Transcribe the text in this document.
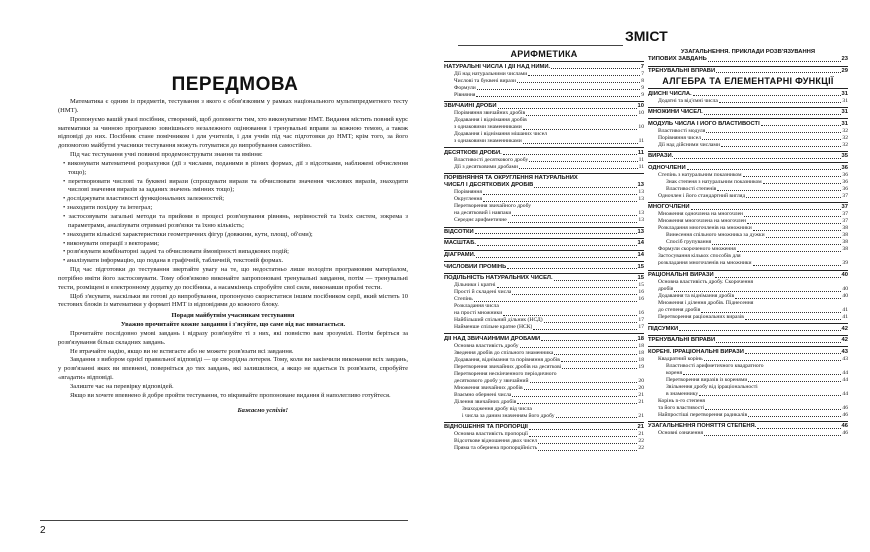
ПЕРЕДМОВА

Математика є одним із предметів, тестування з якого є обов'язковим у рамках національного мультипредметного тесту (НМТ).

Пропонуємо вашій увазі посібник, створений, щоб допомогти тим, хто виконуватиме НМТ. Видання містить повний курс математики за чинною програмою зовнішнього незалежного оцінювання і тренувальні вправи за кожною темою, а також відповіді до них. Посібник стане помічником і для учителів, і для учнів під час підготовки до НМТ; крім того, за його допомогою майбутні учасники тестування можуть готуватися до випробування самостійно.

Під час тестування учні повинні продемонструвати знання та вміння:

• виконувати математичні розрахунки (дії з числами, поданими в різних формах, дії з відсотками, наближені обчислення тощо);

• перетворювати числові та буквені вирази (спрощувати вирази та обчислювати значення числових виразів, знаходити числові значення виразів за заданих значень змінних тощо);

• досліджувати властивості функціональних залежностей;

• знаходити похідну та інтеграл;

• застосовувати загальні методи та прийоми в процесі розв'язування рівнянь, нерівностей та їхніх систем, зокрема з параметрами, аналізувати отримані розв'язки та їхню кількість;

• знаходити кількісні характеристики геометричних фігур (довжини, кути, площі, об'єми);

• виконувати операції з векторами;

• розв'язувати комбінаторні задачі та обчислювати ймовірності випадкових подій;

• аналізувати інформацію, що подана в графічній, табличній, текстовій формах.

Під час підготовки до тестування звертайте увагу на те, що недостатньо лише володіти програмовим матеріалом, потрібно вміти його застосовувати. Тому обов'язково виконайте запропоновані тренувальні завдання, потім — тренувальні тести, розміщені в електронному додатку до посібника, а насамкінець спробуйте свої сили, виконавши пробні тести.

Щоб з'ясувати, наскільки ви готові до випробування, пропонуємо скористатися іншим посібником серії, який містить 10 тестових блоків із математики у форматі НМТ із відповідями до кожного блоку.

Поради майбутнім учасникам тестування

Уважно прочитайте кожне завдання і з'ясуйте, що саме від вас вимагається.

Прочитайте послідовно умові завдань і відразу розв'язуйте ті з них, які повністю вам зрозумілі. Потім беріться за розв'язування більш складних завдань.

Не втрачайте надію, якщо ви не встигаєте або не можете розв'язати всі завдання.

Завдання з вибором однієї правильної відповіді — це своєрідна лотерея. Тому, коли ви закінчили виконання всіх завдань, у розв'язанні яких ви впевнені, поверніться до тих завдань, які залишилися, а якщо не вдається їх розв'язати, спробуйте «вгадати» відповіді.

Залиште час на перевірку відповідей.

Якщо ви хочете впевнено й добре пройти тестування, то вікривайте пропоноване видання й наполегливо готуйтеся.

Бажаємо успіхів!

2
ЗМІСТ
АРИФМЕТИКА
НАТУРАЛЬНІ ЧИСЛА І ДІЇ НАД НИМИ.	7
Дії над натуральними числами	7
Числові та буквені вирази	8
Формули	9
Рівняння	9
ЗВИЧАЙНІ ДРОБИ	10
Порівняння звичайних дробів	10
Додавання і віднімання дробів
з однаковими знаменниками	10
Додавання і віднімання мішаних чисел
з однаковими знаменниками	11
ДЕСЯТКОВІ ДРОБИ.	11
Властивості десяткового дробу	11
Дії з десятковими дробами	11
ПОРІВНЯННЯ ТА ОКРУГЛЕННЯ НАТУРАЛЬНИХ
ЧИСЕЛ І ДЕСЯТКОВИХ ДРОБІВ	13
Порівняння	13
Округлення	13
Перетворення звичайного дробу
на десятковий і навпаки	13
Середнє арифметичне	13
ВІДСОТКИ	13
МАСШТАБ.	14
ДІАГРАМИ.	14
ЧИСЛОВИЙ ПРОМІНЬ	15
ПОДІЛЬНІСТЬ НАТУРАЛЬНИХ ЧИСЕЛ.	15
Дільники і кратні	15
Прості й складені числа	16
Степінь	16
Розкладання числа
на прості множники	16
Найбільший спільний дільник (НСД)	17
Найменше спільне кратне (НСК)	17
ДІЇ НАД ЗВИЧАЙНИМИ ДРОБАМИ	18
Основна властивість дробу	18
Зведення дробів до спільного знаменника	18
Додавання, віднімання та порівняння дробів	18
Перетворення звичайних дробів на десяткові	19
Перетворення нескінченного періодичного
десяткового дробу у звичайний	20
Множення звичайних дробів	20
Взаємно обернені числа	21
Ділення звичайних дробів	21
Знаходження дробу від числа
і числа за даним значенням його дробу	21
ВІДНОШЕННЯ ТА ПРОПОРЦІЇ	21
Основна властивість пропорції	21
Відсоткове відношення двох чисел	22
Пряма та обернена пропорційність	22
УЗАГАЛЬНЕННЯ. ПРИКЛАДИ РОЗВ'ЯЗУВАННЯ
ТИПОВИХ ЗАВДАНЬ	23
ТРЕНУВАЛЬНІ ВПРАВИ	29
АЛГЕБРА ТА ЕЛЕМЕНТАРНІ ФУНКЦІЇ
ДІЙСНІ ЧИСЛА.	31
Додатні та від'ємні числа	31
МНОЖИНИ ЧИСЕЛ.	31
МОДУЛЬ ЧИСЛА І ЙОГО ВЛАСТИВОСТІ	31
Властивості модуля	32
Порівняння чисел	32
Дії над дійсними числами	32
ВИРАЗИ.	35
ОДНОЧЛЕНИ	36
Степінь з натуральним показником	36
Знак степеня з натуральним показником	36
Властивості степенів	36
Одночлен і його стандартний вигляд	37
МНОГОЧЛЕНИ	37
Множення одночлена на многочлен	37
Множення многочлена на многочлен	37
Розкладання многочленів на множники	38
Винесення спільного множника за дужки	38
Спосіб групування	38
Формули скороченого множення	38
Застосування кількох способів для
розкладання многочленів на множники	39
РАЦІОНАЛЬНІ ВИРАЗИ	40
Основна властивість дробу. Скорочення
дробів	40
Додавання та віднімання дробів	40
Множення і ділення дробів. Піднесення
до степеня дробів	41
Перетворення раціональних виразів	41
ПІДСУМКИ	42
ТРЕНУВАЛЬНІ ВПРАВИ	42
КОРЕНІ. ІРРАЦІОНАЛЬНІ ВИРАЗИ	43
Квадратний корінь	43
Властивості арифметичного квадратного
кореня	44
Перетворення виразів із коренями	44
Звільнення дробу від ірраціональності
в знаменнику	44
Корінь n-го степеня
та його властивості	46
Найпростіші перетворення радикалів	46
УЗАГАЛЬНЕННЯ ПОНЯТТЯ СТЕПЕНЯ.	46
Основні означення	46
